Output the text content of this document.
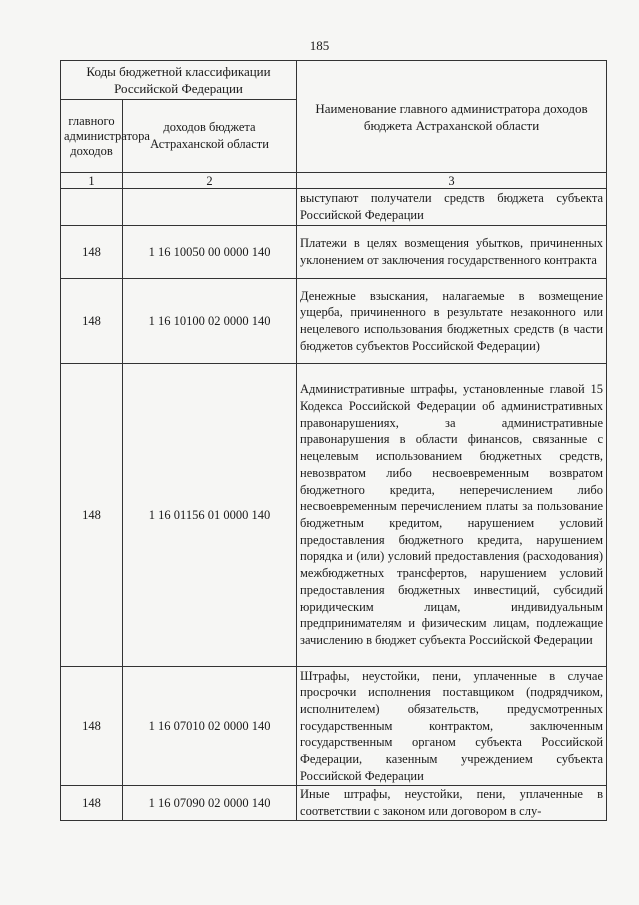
185
Коды бюджетной классификации Российской Федерации		Наименование главного администратора доходов бюджета Астраханской области
главного администратора доходов	доходов бюджета Астраханской области	
1	2	3
		выступают получатели средств бюджета субъекта Российской Федерации
148	1 16 10050 00 0000 140	Платежи в целях возмещения убытков, причиненных уклонением от заключения государственного контракта
148	1 16 10100 02 0000 140	Денежные взыскания, налагаемые в возмещение ущерба, причиненного в результате незаконного или нецелевого использования бюджетных средств (в части бюджетов субъектов Российской Федерации)
148	1 16 01156 01 0000 140	Административные штрафы, установленные главой 15 Кодекса Российской Федерации об административных правонарушениях, за административные правонарушения в области финансов, связанные с нецелевым использованием бюджетных средств, невозвратом либо несвоевременным возвратом бюджетного кредита, неперечислением либо несвоевременным перечислением платы за пользование бюджетным кредитом, нарушением условий предоставления бюджетного кредита, нарушением порядка и (или) условий предоставления (расходования) межбюджетных трансфертов, нарушением условий предоставления бюджетных инвестиций, субсидий юридическим лицам, индивидуальным предпринимателям и физическим лицам, подлежащие зачислению в бюджет субъекта Российской Федерации
148	1 16 07010 02 0000 140	Штрафы, неустойки, пени, уплаченные в случае просрочки исполнения поставщиком (подрядчиком, исполнителем) обязательств, предусмотренных государственным контрактом, заключенным государственным органом субъекта Российской Федерации, казенным учреждением субъекта Российской Федерации
148	1 16 07090 02 0000 140	Иные штрафы, неустойки, пени, уплаченные в соответствии с законом или договором в слу-
